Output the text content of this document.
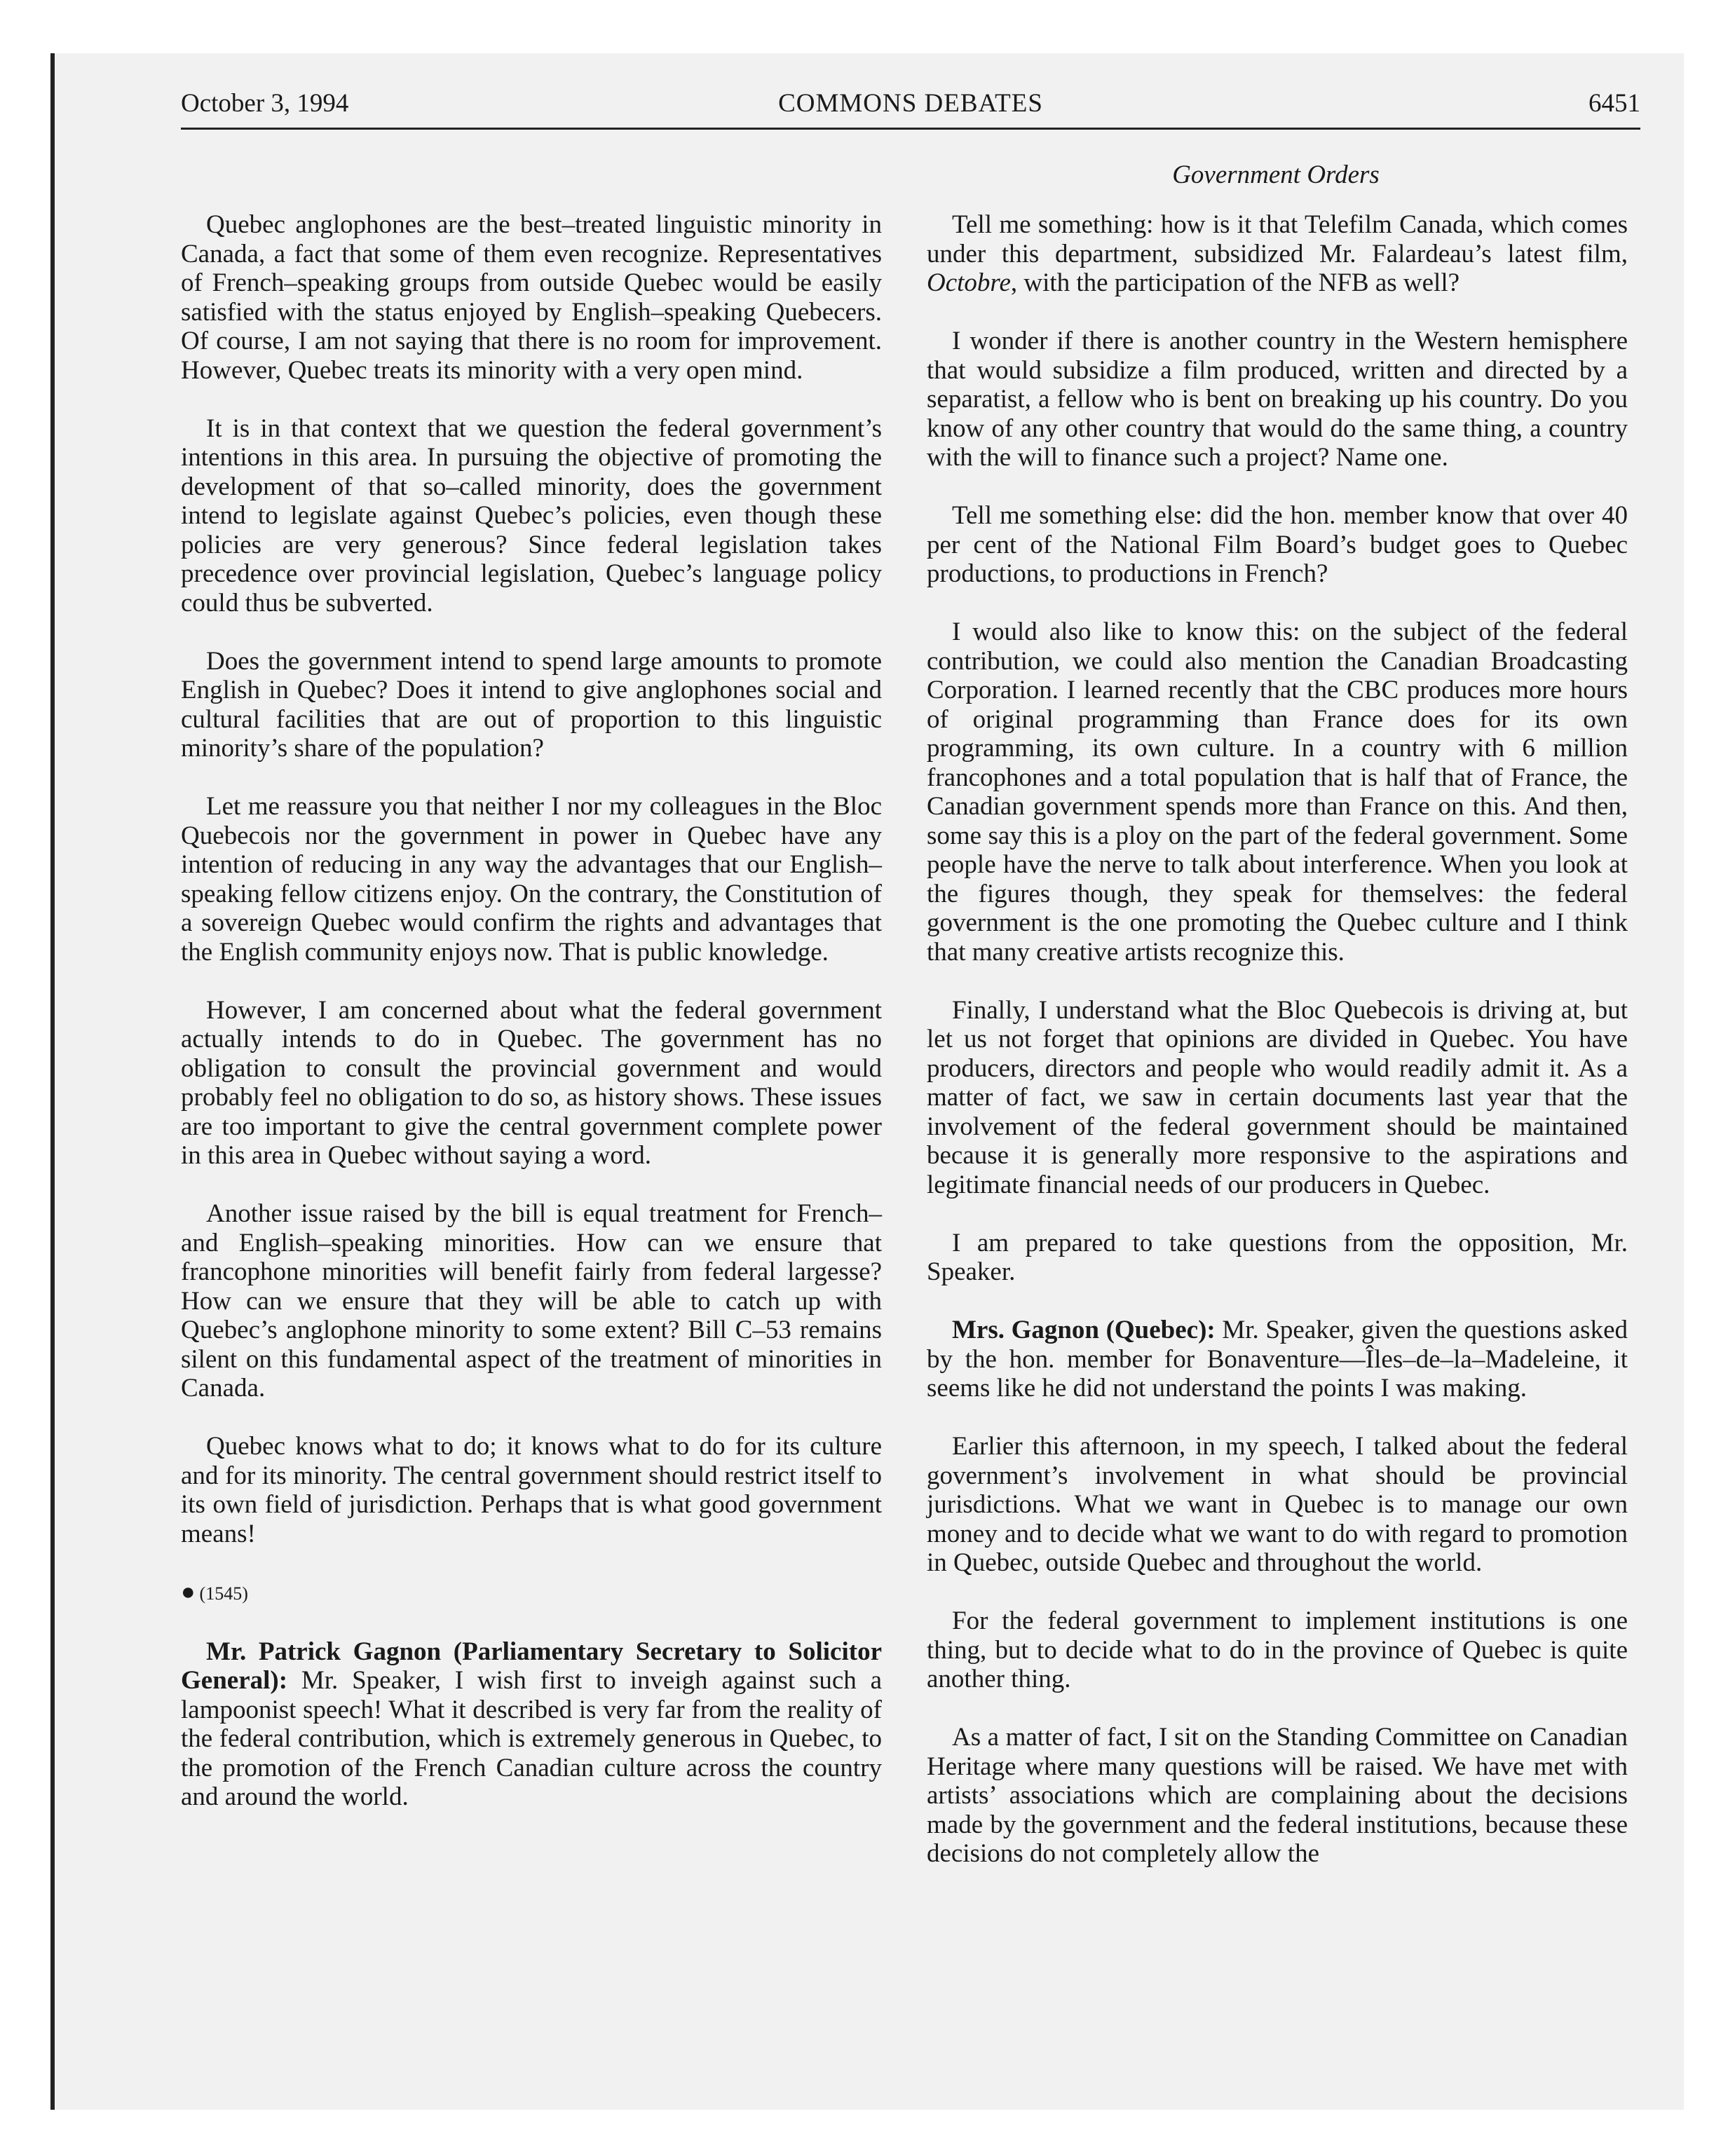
October 3, 1994	COMMONS DEBATES	6451
Government Orders

Quebec anglophones are the best–treated linguistic minority in Canada, a fact that some of them even recognize. Representatives of French–speaking groups from outside Quebec would be easily satisfied with the status enjoyed by English–speaking Quebecers. Of course, I am not saying that there is no room for improvement. However, Quebec treats its minority with a very open mind.

It is in that context that we question the federal government’s intentions in this area. In pursuing the objective of promoting the development of that so–called minority, does the government intend to legislate against Quebec’s policies, even though these policies are very generous? Since federal legislation takes precedence over provincial legislation, Quebec’s language policy could thus be subverted.

Does the government intend to spend large amounts to promote English in Quebec? Does it intend to give anglophones social and cultural facilities that are out of proportion to this linguistic minority’s share of the population?

Let me reassure you that neither I nor my colleagues in the Bloc Quebecois nor the government in power in Quebec have any intention of reducing in any way the advantages that our English–speaking fellow citizens enjoy. On the contrary, the Constitution of a sovereign Quebec would confirm the rights and advantages that the English community enjoys now. That is public knowledge.

However, I am concerned about what the federal government actually intends to do in Quebec. The government has no obligation to consult the provincial government and would probably feel no obligation to do so, as history shows. These issues are too important to give the central government complete power in this area in Quebec without saying a word.

Another issue raised by the bill is equal treatment for French– and English–speaking minorities. How can we ensure that francophone minorities will benefit fairly from federal largesse? How can we ensure that they will be able to catch up with Quebec’s anglophone minority to some extent? Bill C–53 remains silent on this fundamental aspect of the treatment of minorities in Canada.

Quebec knows what to do; it knows what to do for its culture and for its minority. The central government should restrict itself to its own field of jurisdiction. Perhaps that is what good government means!

● (1545)

Mr. Patrick Gagnon (Parliamentary Secretary to Solicitor General): Mr. Speaker, I wish first to inveigh against such a lampoonist speech! What it described is very far from the reality of the federal contribution, which is extremely generous in Quebec, to the promotion of the French Canadian culture across the country and around the world.

Tell me something: how is it that Telefilm Canada, which comes under this department, subsidized Mr. Falardeau’s latest film, Octobre, with the participation of the NFB as well?

I wonder if there is another country in the Western hemisphere that would subsidize a film produced, written and directed by a separatist, a fellow who is bent on breaking up his country. Do you know of any other country that would do the same thing, a country with the will to finance such a project? Name one.

Tell me something else: did the hon. member know that over 40 per cent of the National Film Board’s budget goes to Quebec productions, to productions in French?

I would also like to know this: on the subject of the federal contribution, we could also mention the Canadian Broadcasting Corporation. I learned recently that the CBC produces more hours of original programming than France does for its own programming, its own culture. In a country with 6 million francophones and a total population that is half that of France, the Canadian government spends more than France on this. And then, some say this is a ploy on the part of the federal government. Some people have the nerve to talk about interference. When you look at the figures though, they speak for themselves: the federal government is the one promoting the Quebec culture and I think that many creative artists recognize this.

Finally, I understand what the Bloc Quebecois is driving at, but let us not forget that opinions are divided in Quebec. You have producers, directors and people who would readily admit it. As a matter of fact, we saw in certain documents last year that the involvement of the federal government should be maintained because it is generally more responsive to the aspirations and legitimate financial needs of our producers in Quebec.

I am prepared to take questions from the opposition, Mr. Speaker.

Mrs. Gagnon (Quebec): Mr. Speaker, given the questions asked by the hon. member for Bonaventure—Îles–de–la–Madeleine, it seems like he did not understand the points I was making.

Earlier this afternoon, in my speech, I talked about the federal government’s involvement in what should be provincial jurisdictions. What we want in Quebec is to manage our own money and to decide what we want to do with regard to promotion in Quebec, outside Quebec and throughout the world.

For the federal government to implement institutions is one thing, but to decide what to do in the province of Quebec is quite another thing.

As a matter of fact, I sit on the Standing Committee on Canadian Heritage where many questions will be raised. We have met with artists’ associations which are complaining about the decisions made by the government and the federal institutions, because these decisions do not completely allow the
